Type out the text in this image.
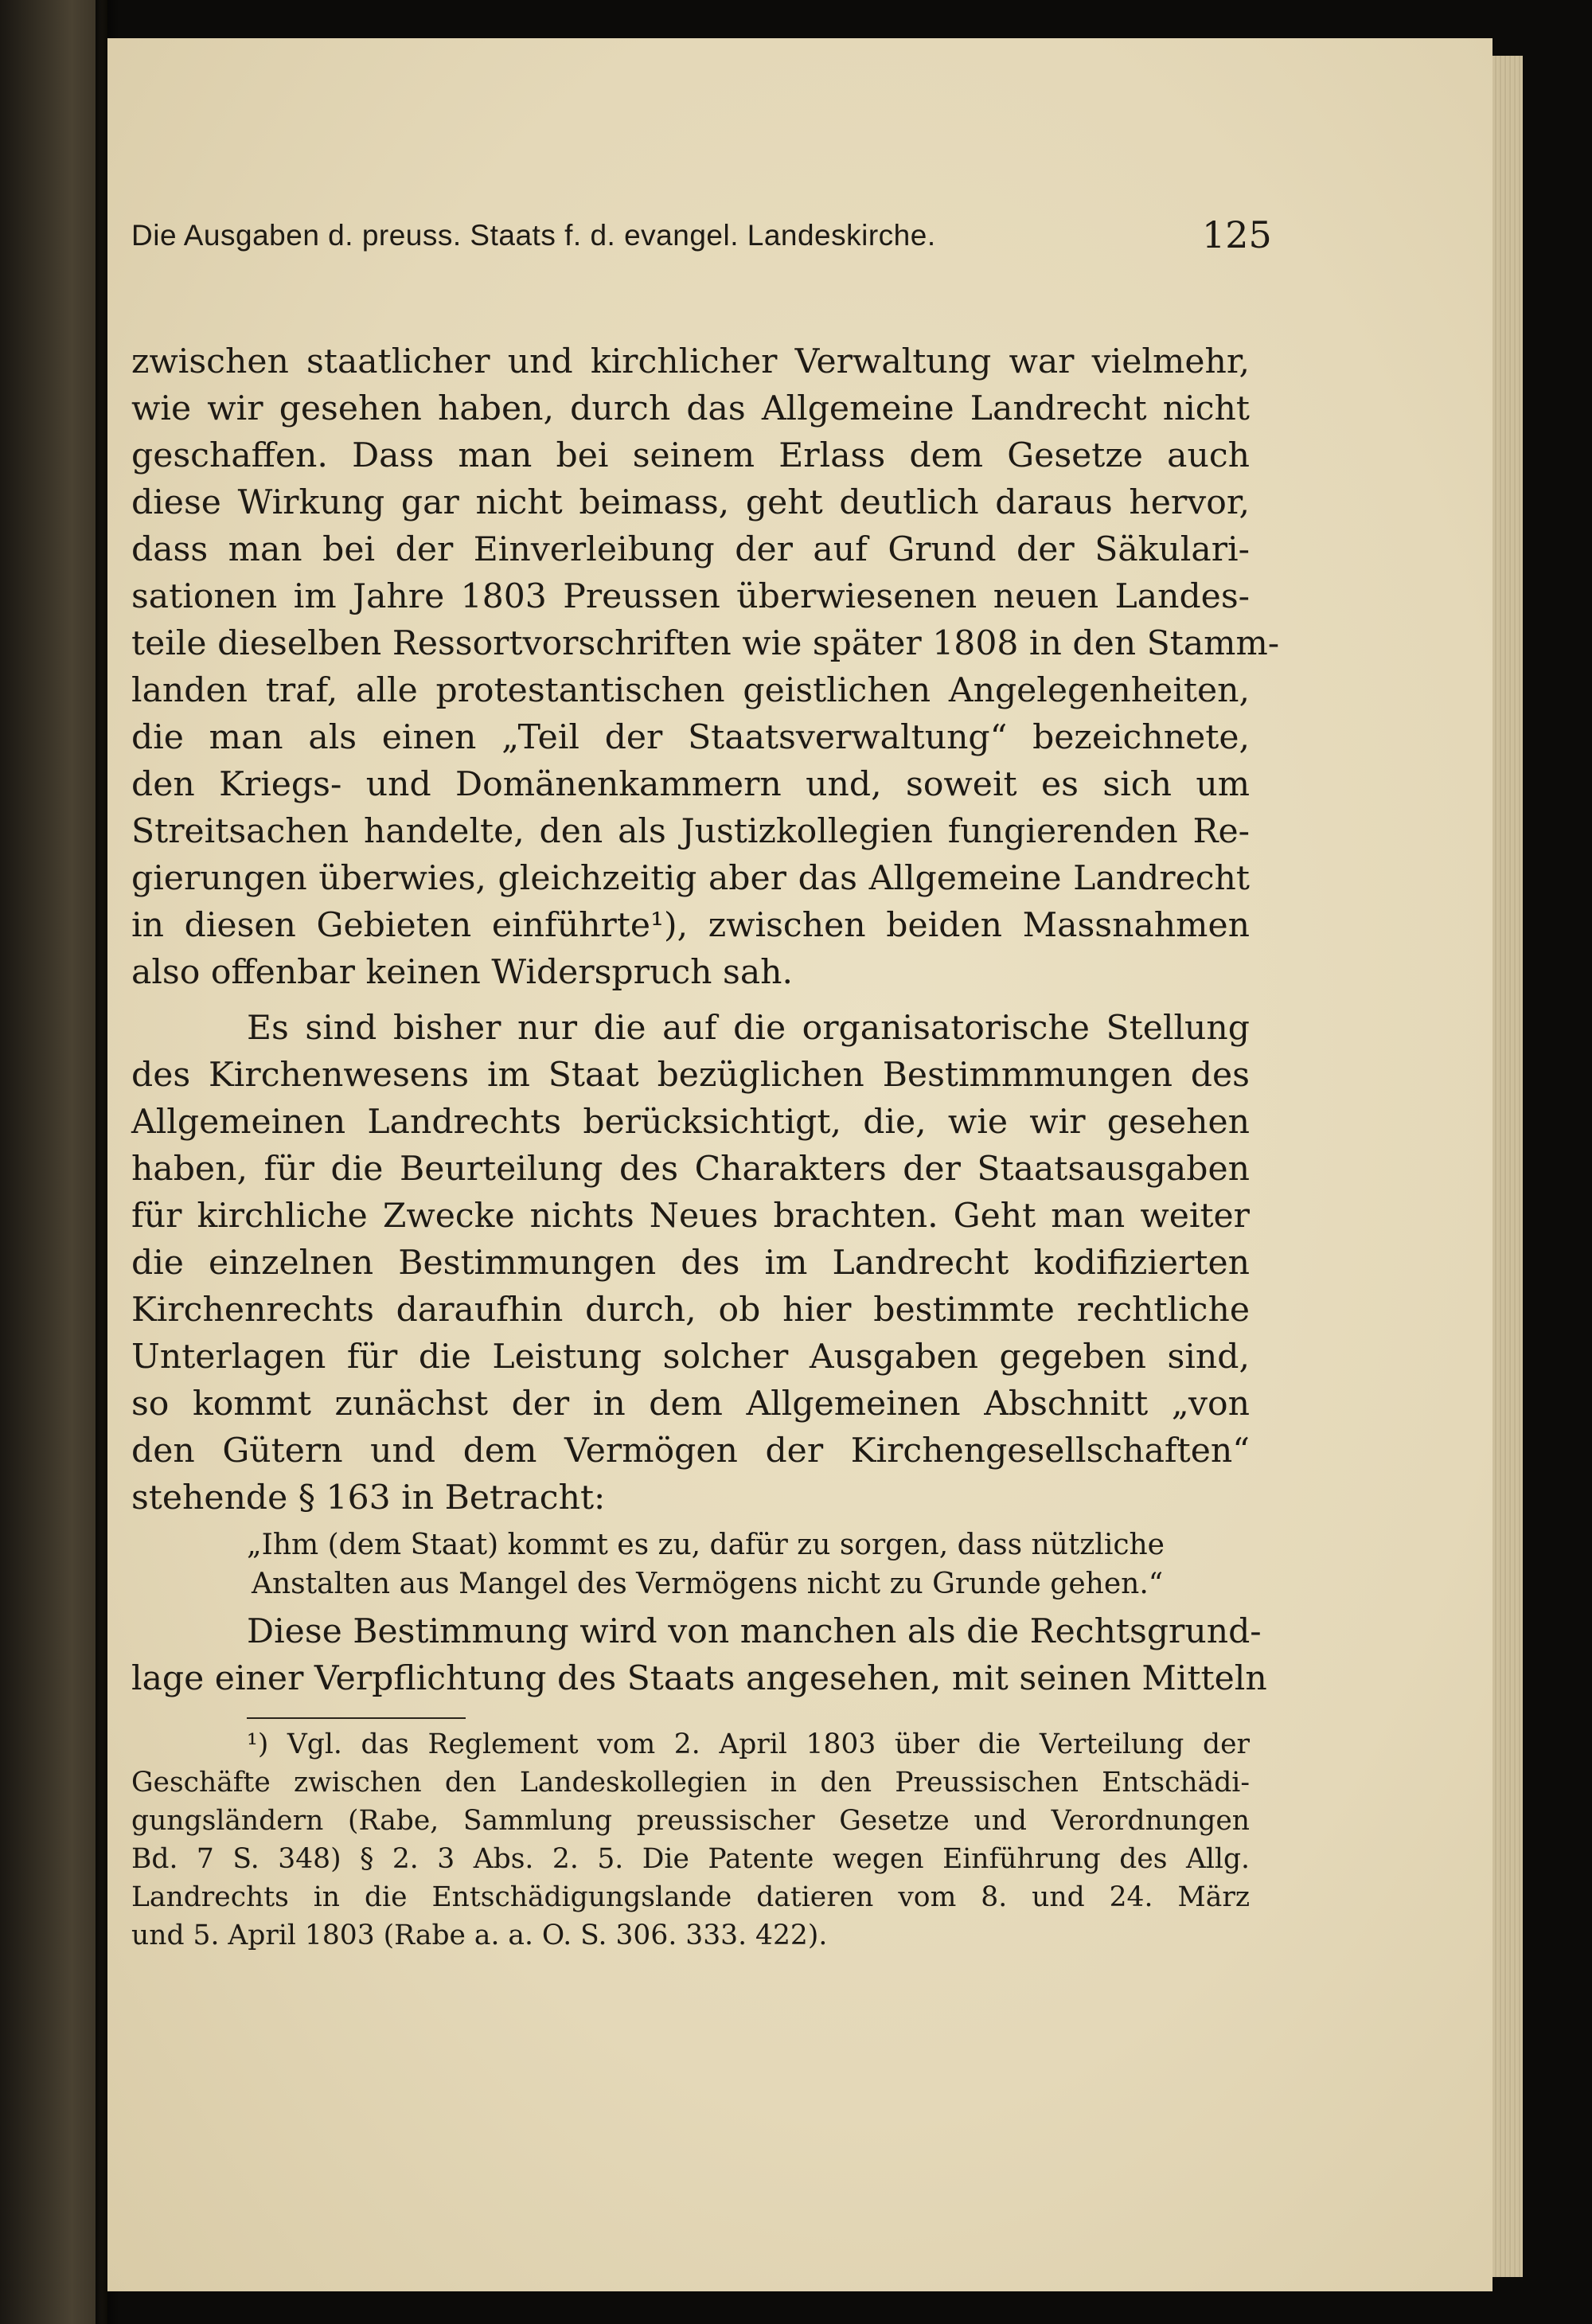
Die Ausgaben d. preuss. Staats f. d. evangel. Landeskirche.	125
zwischen staatlicher und kirchlicher Verwaltung war vielmehr,
wie wir gesehen haben, durch das Allgemeine Landrecht nicht
geschaffen. Dass man bei seinem Erlass dem Gesetze auch
diese Wirkung gar nicht beimass, geht deutlich daraus hervor,
dass man bei der Einverleibung der auf Grund der Säkulari-
sationen im Jahre 1803 Preussen überwiesenen neuen Landes-
teile dieselben Ressortvorschriften wie später 1808 in den Stamm-
landen traf, alle protestantischen geistlichen Angelegenheiten,
die man als einen „Teil der Staatsverwaltung“ bezeichnete,
den Kriegs- und Domänenkammern und, soweit es sich um
Streitsachen handelte, den als Justizkollegien fungierenden Re-
gierungen überwies, gleichzeitig aber das Allgemeine Landrecht
in diesen Gebieten einführte¹), zwischen beiden Massnahmen
also offenbar keinen Widerspruch sah.
Es sind bisher nur die auf die organisatorische Stellung
des Kirchenwesens im Staat bezüglichen Bestimmmungen des
Allgemeinen Landrechts berücksichtigt, die, wie wir gesehen
haben, für die Beurteilung des Charakters der Staatsausgaben
für kirchliche Zwecke nichts Neues brachten. Geht man weiter
die einzelnen Bestimmungen des im Landrecht kodifizierten
Kirchenrechts daraufhin durch, ob hier bestimmte rechtliche
Unterlagen für die Leistung solcher Ausgaben gegeben sind,
so kommt zunächst der in dem Allgemeinen Abschnitt „von
den Gütern und dem Vermögen der Kirchengesellschaften“
stehende § 163 in Betracht:
„Ihm (dem Staat) kommt es zu, dafür zu sorgen, dass nützliche
Anstalten aus Mangel des Vermögens nicht zu Grunde gehen.“
Diese Bestimmung wird von manchen als die Rechtsgrund-
lage einer Verpflichtung des Staats angesehen, mit seinen Mitteln
¹) Vgl. das Reglement vom 2. April 1803 über die Verteilung der
Geschäfte zwischen den Landeskollegien in den Preussischen Entschädi-
gungsländern (Rabe, Sammlung preussischer Gesetze und Verordnungen
Bd. 7 S. 348) § 2. 3 Abs. 2. 5. Die Patente wegen Einführung des Allg.
Landrechts in die Entschädigungslande datieren vom 8. und 24. März
und 5. April 1803 (Rabe a. a. O. S. 306. 333. 422).
